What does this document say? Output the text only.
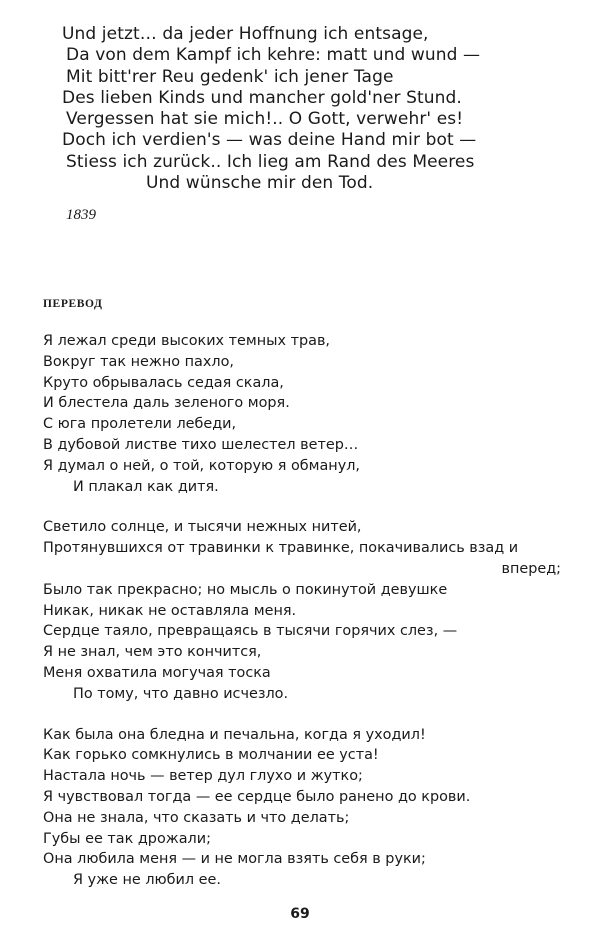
Und jetzt… da jeder Hoffnung ich entsage,
Da von dem Kampf ich kehre: matt und wund —
Mit bitt'rer Reu gedenk' ich jener Tage
Des lieben Kinds und mancher gold'ner Stund.
Vergessen hat sie mich!.. O Gott, verwehr' es!
Doch ich verdien's — was deine Hand mir bot —
Stiess ich zurück.. Ich lieg am Rand des Meeres
Und wünsche mir den Tod.
1839
ПЕРЕВОД
Я лежал среди высоких темных трав,
Вокруг так нежно пахло,
Круто обрывалась седая скала,
И блестела даль зеленого моря.
С юга пролетели лебеди,
В дубовой листве тихо шелестел ветер…
Я думал о ней, о той, которую я обманул,
И плакал как дитя.
Светило солнце, и тысячи нежных нитей,
Протянувшихся от травинки к травинке, покачивались взад и
вперед;
Было так прекрасно; но мысль о покинутой девушке
Никак, никак не оставляла меня.
Сердце таяло, превращаясь в тысячи горячих слез, —
Я не знал, чем это кончится,
Меня охватила могучая тоска
По тому, что давно исчезло.
Как была она бледна и печальна, когда я уходил!
Как горько сомкнулись в молчании ее уста!
Настала ночь — ветер дул глухо и жутко;
Я чувствовал тогда — ее сердце было ранено до крови.
Она не знала, что сказать и что делать;
Губы ее так дрожали;
Она любила меня — и не могла взять себя в руки;
Я уже не любил ее.
69
